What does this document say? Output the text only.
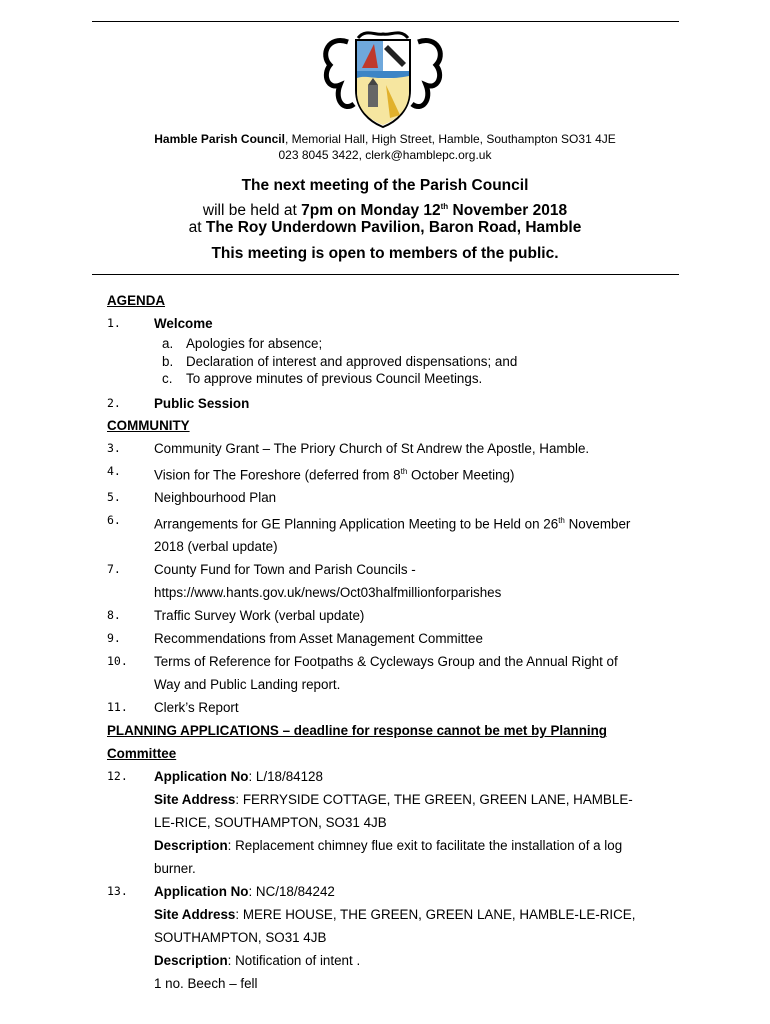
Hamble Parish Council, Memorial Hall, High Street, Hamble, Southampton SO31 4JE
023 8045 3422, clerk@hamblepc.org.uk
The next meeting of the Parish Council
will be held at 7pm on Monday 12th November 2018
at The Roy Underdown Pavilion, Baron Road, Hamble
This meeting is open to members of the public.
AGENDA
1.	Welcome
a. Apologies for absence;
b. Declaration of interest and approved dispensations; and
c.	To approve minutes of previous Council Meetings.
2.	Public Session
COMMUNITY
3.	Community Grant – The Priory Church of St Andrew the Apostle, Hamble.
4.	Vision for The Foreshore (deferred from 8th October Meeting)
5.	Neighbourhood Plan
6.	Arrangements for GE Planning Application Meeting to be Held on 26th November
2018 (verbal update)
7.	County Fund for Town and Parish Councils -
https://www.hants.gov.uk/news/Oct03halfmillionforparishes
8.	Traffic Survey Work (verbal update)
9.	Recommendations from Asset Management Committee
10.	Terms of Reference for Footpaths & Cycleways Group and the Annual Right of
Way and Public Landing report.
11.	Clerk’s Report
PLANNING APPLICATIONS – deadline for response cannot be met by Planning
Committee
12.	Application No: L/18/84128
Site Address: FERRYSIDE COTTAGE, THE GREEN, GREEN LANE, HAMBLE-
LE-RICE, SOUTHAMPTON, SO31 4JB
Description: Replacement chimney flue exit to facilitate the installation of a log
burner.
13.	Application No: NC/18/84242
Site Address: MERE HOUSE, THE GREEN, GREEN LANE, HAMBLE-LE-RICE,
SOUTHAMPTON, SO31 4JB
Description: Notification of intent .
1 no. Beech – fell
